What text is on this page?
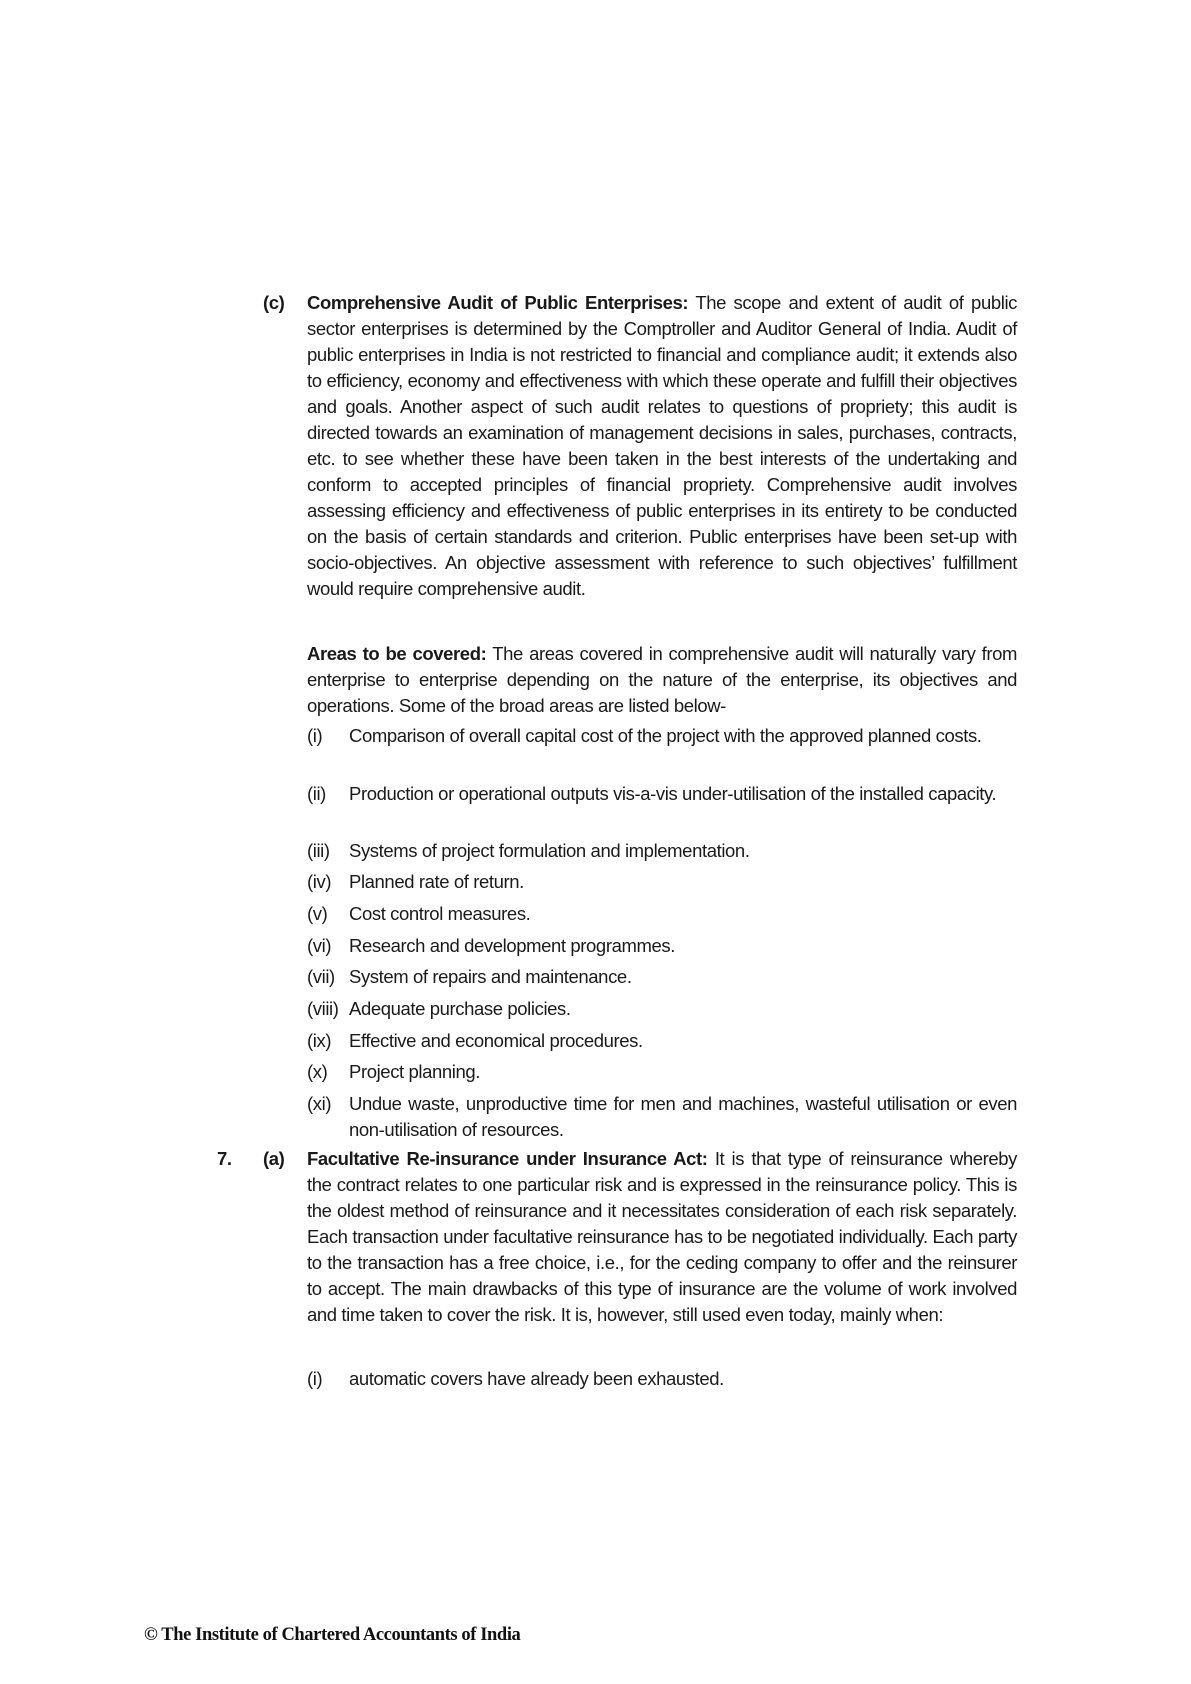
(c) Comprehensive Audit of Public Enterprises: The scope and extent of audit of public sector enterprises is determined by the Comptroller and Auditor General of India. Audit of public enterprises in India is not restricted to financial and compliance audit; it extends also to efficiency, economy and effectiveness with which these operate and fulfill their objectives and goals. Another aspect of such audit relates to questions of propriety; this audit is directed towards an examination of management decisions in sales, purchases, contracts, etc. to see whether these have been taken in the best interests of the undertaking and conform to accepted principles of financial propriety. Comprehensive audit involves assessing efficiency and effectiveness of public enterprises in its entirety to be conducted on the basis of certain standards and criterion. Public enterprises have been set-up with socio-objectives. An objective assessment with reference to such objectives’ fulfillment would require comprehensive audit.
Areas to be covered: The areas covered in comprehensive audit will naturally vary from enterprise to enterprise depending on the nature of the enterprise, its objectives and operations. Some of the broad areas are listed below-
(i)	Comparison of overall capital cost of the project with the approved planned costs.
(ii)	Production or operational outputs vis-a-vis under-utilisation of the installed capacity.
(iii)	Systems of project formulation and implementation.
(iv) Planned rate of return.
(v)	Cost control measures.
(vi) Research and development programmes.
(vii) System of repairs and maintenance.
(viii) Adequate purchase policies.
(ix) Effective and economical procedures.
(x)	Project planning.
(xi) Undue waste, unproductive time for men and machines, wasteful utilisation or even non-utilisation of resources.
7. (a) Facultative Re-insurance under Insurance Act: It is that type of reinsurance whereby the contract relates to one particular risk and is expressed in the reinsurance policy. This is the oldest method of reinsurance and it necessitates consideration of each risk separately. Each transaction under facultative reinsurance has to be negotiated individually. Each party to the transaction has a free choice, i.e., for the ceding company to offer and the reinsurer to accept. The main drawbacks of this type of insurance are the volume of work involved and time taken to cover the risk. It is, however, still used even today, mainly when:
(i)	automatic covers have already been exhausted.
© The Institute of Chartered Accountants of India
